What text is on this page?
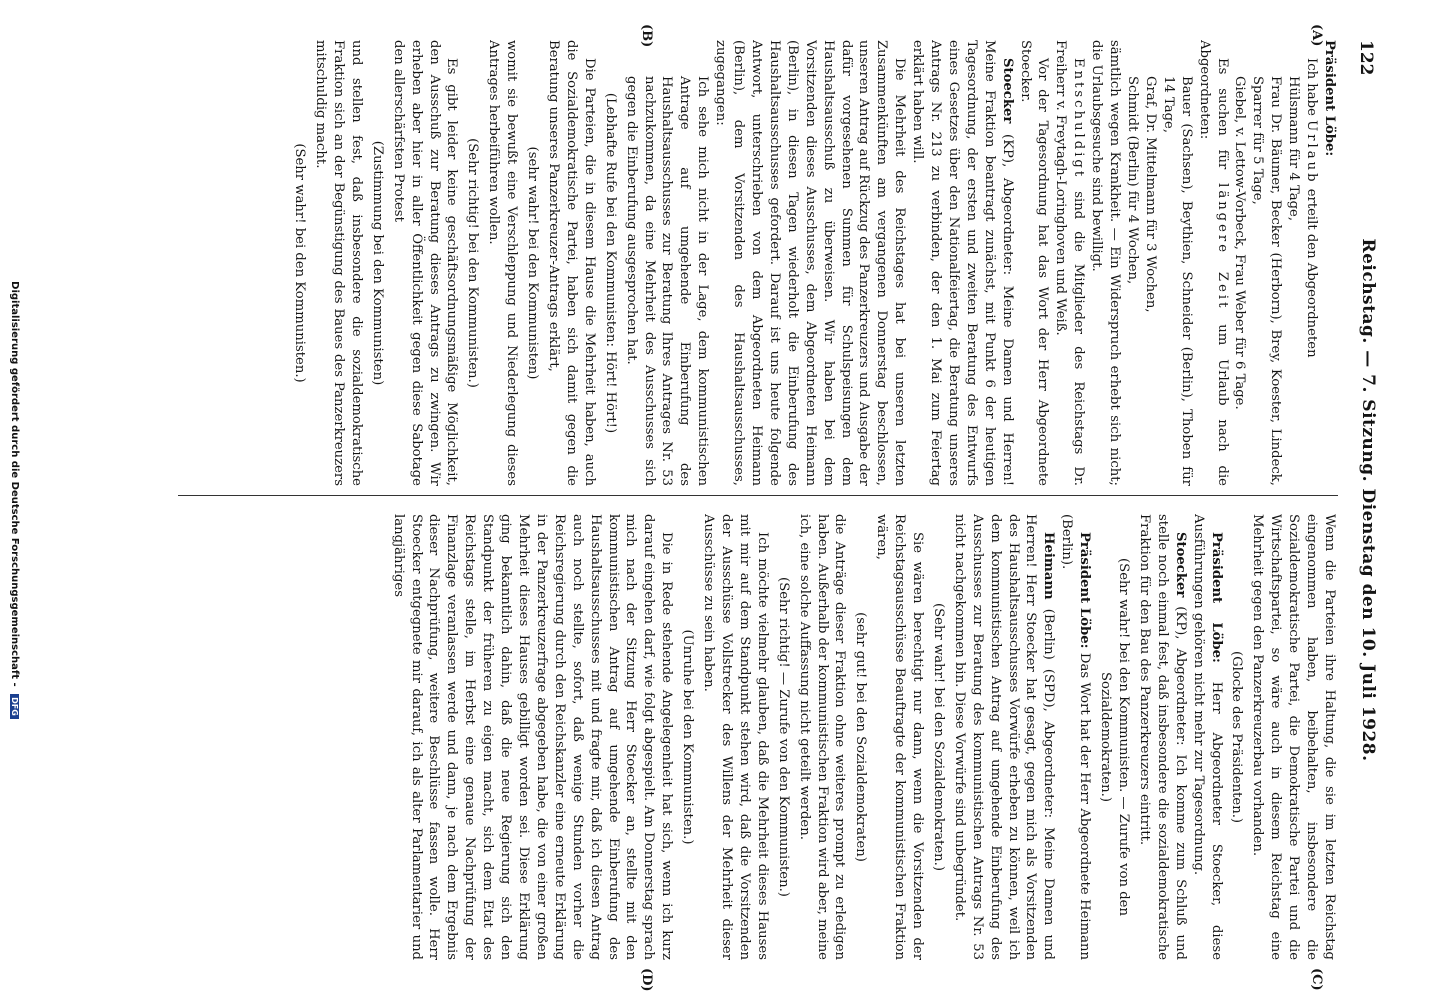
122
Reichstag. — 7. Sitzung. Dienstag den 10. Juli 1928.
(A)
(B)
(C)
(D)

Präsident Löbe:

Ich habe Urlaub erteilt den Abgeordneten

Hülsmann für 4 Tage,

Frau Dr. Bäumer, Becker (Herborn), Brey, Koester, Lindeck, Sparrer für 5 Tage,

Giebel, v. Lettow-Vorbeck, Frau Weber für 6 Tage.

Es suchen für längere Zeit um Urlaub nach die Abgeordneten:

Bauer (Sachsen), Beythien, Schneider (Berlin), Thoben für 14 Tage,

Graf, Dr. Mittelmann für 3 Wochen,

Schmidt (Berlin) für 4 Wochen,

sämtlich wegen Krankheit. — Ein Widerspruch erhebt sich nicht; die Urlaubsgesuche sind bewilligt.

Entschuldigt sind die Mitglieder des Reichstags Dr. Freiherr v. Freytagh-Loringhoven und Weiß.

Vor der Tagesordnung hat das Wort der Herr Abgeordnete Stoecker.

Stoecker (KP), Abgeordneter: Meine Damen und Herren! Meine Fraktion beantragt zunächst, mit Punkt 6 der heutigen Tagesordnung, der ersten und zweiten Beratung des Entwurfs eines Gesetzes über den Nationalfeiertag, die Beratung unseres Antrags Nr. 213 zu verbinden, der den 1. Mai zum Feiertag erklärt haben will.

Die Mehrheit des Reichstages hat bei unseren letzten Zusammenkünften am vergangenen Donnerstag beschlossen, unseren Antrag auf Rückzug des Panzerkreuzers und Ausgabe der dafür vorgesehenen Summen für Schulspeisungen dem Haushaltsausschuß zu überweisen. Wir haben bei dem Vorsitzenden dieses Ausschusses, dem Abgeordneten Heimann (Berlin), in diesen Tagen wiederholt die Einberufung des Haushaltsausschusses gefordert. Darauf ist uns heute folgende Antwort, unterschrieben von dem Abgeordneten Heimann (Berlin), dem Vorsitzenden des Haushaltsausschusses, zugegangen:

Ich sehe mich nicht in der Lage, dem kommunistischen Antrage auf umgehende Einberufung des Haushaltsausschusses zur Beratung Ihres Antrages Nr. 53 nachzukommen, da eine Mehrheit des Ausschusses sich gegen die Einberufung ausgesprochen hat.

(Lebhafte Rufe bei den Kommunisten: Hört! Hört!)

Die Parteien, die in diesem Hause die Mehrheit haben, auch die Sozialdemokratische Partei, haben sich damit gegen die Beratung unseres Panzerkreuzer-Antrags erklärt,

(sehr wahr! bei den Kommunisten)

womit sie bewußt eine Verschleppung und Niederlegung dieses Antrages herbeiführen wollen.

(Sehr richtig! bei den Kommunisten.)

Es gibt leider keine geschäftsordnungsmäßige Möglichkeit, den Ausschuß zur Beratung dieses Antrags zu zwingen. Wir erheben aber hier in aller Öffentlichkeit gegen diese Sabotage den allerschärfsten Protest

(Zustimmung bei den Kommunisten)

und stellen fest, daß insbesondere die sozialdemokratische Fraktion sich an der Begünstigung des Baues des Panzerkreuzers mitschuldig macht.

(Sehr wahr! bei den Kommunisten.)

Wenn die Parteien ihre Haltung, die sie im letzten Reichstag eingenommen haben, beibehalten, insbesondere die Sozialdemokratische Partei, die Demokratische Partei und die Wirtschaftspartei, so wäre auch in diesem Reichstag eine Mehrheit gegen den Panzerkreuzerbau vorhanden.

(Glocke des Präsidenten.)

Präsident Löbe: Herr Abgeordneter Stoecker, diese Ausführungen gehören nicht mehr zur Tagesordnung.

Stoecker (KP), Abgeordneter: Ich komme zum Schluß und stelle noch einmal fest, daß insbesondere die sozialdemokratische Fraktion für den Bau des Panzerkreuzers eintritt.

(Sehr wahr! bei den Kommunisten. — Zurufe von den Sozialdemokraten.)

Präsident Löbe: Das Wort hat der Herr Abgeordnete Heimann (Berlin).

Heimann (Berlin) (SPD), Abgeordneter: Meine Damen und Herren! Herr Stoecker hat gesagt, gegen mich als Vorsitzenden des Haushaltsausschusses Vorwürfe erheben zu können, weil ich dem kommunistischen Antrag auf umgehende Einberufung des Ausschusses zur Beratung des kommunistischen Antrags Nr. 53 nicht nachgekommen bin. Diese Vorwürfe sind unbegründet.

(Sehr wahr! bei den Sozialdemokraten.)

Sie wären berechtigt nur dann, wenn die Vorsitzenden der Reichstagsausschüsse Beauftragte der kommunistischen Fraktion wären,

(sehr gut! bei den Sozialdemokraten)

die Anträge dieser Fraktion ohne weiteres prompt zu erledigen haben. Außerhalb der kommunistischen Fraktion wird aber, meine ich, eine solche Auffassung nicht geteilt werden.

(Sehr richtig! — Zurufe von den Kommunisten.)

Ich möchte vielmehr glauben, daß die Mehrheit dieses Hauses mit mir auf dem Standpunkt stehen wird, daß die Vorsitzenden der Ausschüsse Vollstrecker des Willens der Mehrheit dieser Ausschüsse zu sein haben.

(Unruhe bei den Kommunisten.)

Die in Rede stehende Angelegenheit hat sich, wenn ich kurz darauf eingehen darf, wie folgt abgespielt. Am Donnerstag sprach mich nach der Sitzung Herr Stoecker an, stellte mit den kommunistischen Antrag auf umgehende Einberufung des Haushaltsausschusses mit und fragte mir, daß ich diesen Antrag auch noch stellte, sofort, daß wenige Stunden vorher die Reichsregierung durch den Reichskanzler eine erneute Erklärung in der Panzerkreuzerfrage abgegeben habe, die von einer großen Mehrheit dieses Hauses gebilligt worden sei. Diese Erklärung ging bekanntlich dahin, daß die neue Regierung sich den Standpunkt der früheren zu eigen macht, sich dem Etat des Reichstags stelle, im Herbst eine genaue Nachprüfung der Finanzlage veranlassen werde und dann, je nach dem Ergebnis dieser Nachprüfung, weitere Beschlüsse fassen wolle. Herr Stoecker entgegnete mir darauf, ich als alter Parlamentarier und langjähriges

Digitalisierung gefördert durch die Deutsche Forschungsgemeinschaft - DFG
